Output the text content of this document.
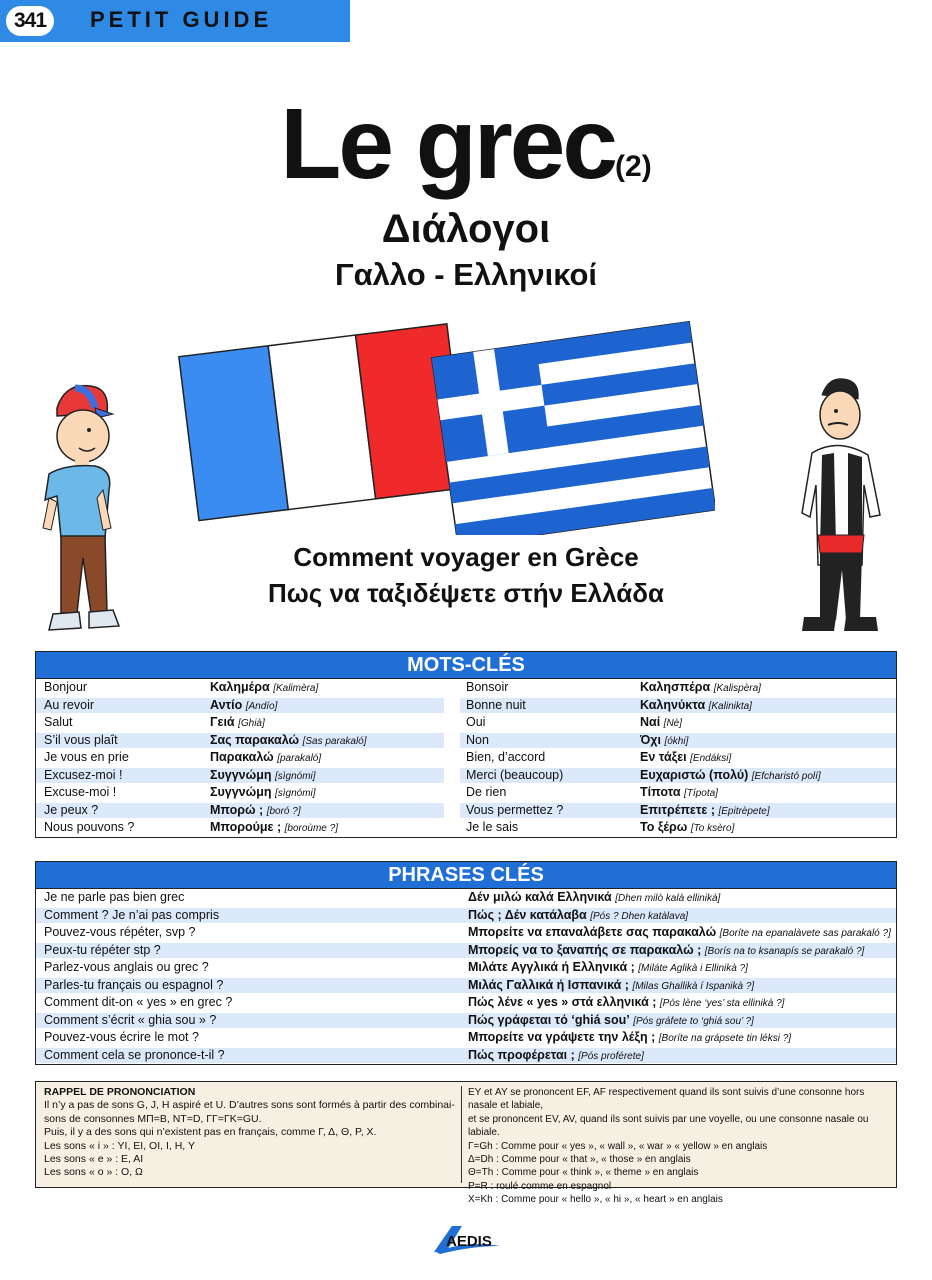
341	PETIT GUIDE
Le grec$^{(2)}$
Διάλογοι
Γαλλο - Ελληνικοί
Comment voyager en Grèce
Πως να ταξιδέψετε στήν Ελλάδα
MOTS-CLÉS
Bonjour	Καλημέρα [Kalimèra]	Bonsoir	Καλησπέρα [Kalispèra]
Au revoir	Αντίο [Andío]	Bonne nuit	Καληνύκτα [Kalinikta]
Salut	Γειά [Ghià]	Oui	Ναί [Nè]
S’il vous plaît	Σας παρακαλώ [Sas parakaló]	Non	Όχι [ókhi]
Je vous en prie	Παρακαλώ [parakaló]	Bien, d’accord	Εν τάξει [Endáksi]
Excusez-moi !	Συγγνώμη [sìgnómi]	Merci (beaucoup)	Ευχαριστώ (πολύ) [Efcharistó polí]
Excuse-moi !	Συγγνώμη [sìgnómi]	De rien	Τίποτα [Típota]
Je peux ?	Μπορώ ; [boró ?]	Vous permettez ?	Επιτρέπετε ; [Epitrèpete]
Nous pouvons ?	Μπορούμε ; [boroùme ?]	Je le sais	Το ξέρω [To ksèro]
PHRASES CLÉS
Je ne parle pas bien grec	Δέν μιλώ καλά Ελληνικά [Dhen milò kalà ellinikà]
Comment ? Je n’ai pas compris	Πώς ; Δέν κατάλαβα [Pós ? Dhen katàlava]
Pouvez-vous répéter, svp ?	Μπορείτε να επαναλάβετε σας παρακαλώ [Boríte na epanalàvete sas parakaló ?]
Peux-tu répéter stp ?	Μπορείς να το ξαναπής σε παρακαλώ ; [Borís na to ksanapís se parakaló ?]
Parlez-vous anglais ou grec ?	Μιλάτε Αγγλικά ή Ελληνικά ; [Miláte Aglikà i Ellinikà ?]
Parles-tu français ou espagnol ?	Μιλάς Γαλλικά ή Ισπανικά ; [Milas Ghallikà í Ispanikà ?]
Comment dit-on « yes » en grec ?	Πώς λένε « yes » στά ελληνικά ; [Pós lène ‘yes’ sta ellinikà ?]
Comment s’écrit « ghia sou » ?	Πώς γράφεται τό ‘ghiá sou’ [Pós gráfete to ‘ghiá sou’ ?]
Pouvez-vous écrire le mot ?	Μπορείτε να γράψετε την λέξη ; [Boríte na grápsete tin léksi ?]
Comment cela se prononce-t-il ?	Πώς προφέρεται ; [Pós proférete]
RAPPEL DE PRONONCIATION
Il n’y a pas de sons G, J, H aspiré et U. D’autres sons sont formés à partir des combinai-
sons de consonnes ΜΠ=B, ΝΤ=D, ΓΓ=ΓΚ=GU.
Puis, il y a des sons qui n’existent pas en français, comme Γ, Δ, Θ, Ρ, Χ.
Les sons « i » : ΥΙ, ΕΙ, ΟΙ, Ι, Η, Υ
Les sons « e » : Ε, ΑΙ
Les sons « o » : Ο, Ω
ΕΥ et ΑΥ se prononcent EF, AF respectivement quand ils sont suivis d’une consonne hors nasale et labiale,
et se prononcent EV, AV, quand ils sont suivis par une voyelle, ou une consonne nasale ou labiale.
Γ=Gh : Comme pour « yes », « wall », « war » « yellow » en anglais
Δ=Dh : Comme pour « that », « those » en anglais
Θ=Th : Comme pour « think », « theme » en anglais
Ρ=R : roulé comme en espagnol
Χ=Kh : Comme pour « hello », « hi », « heart » en anglais
AEDIS
